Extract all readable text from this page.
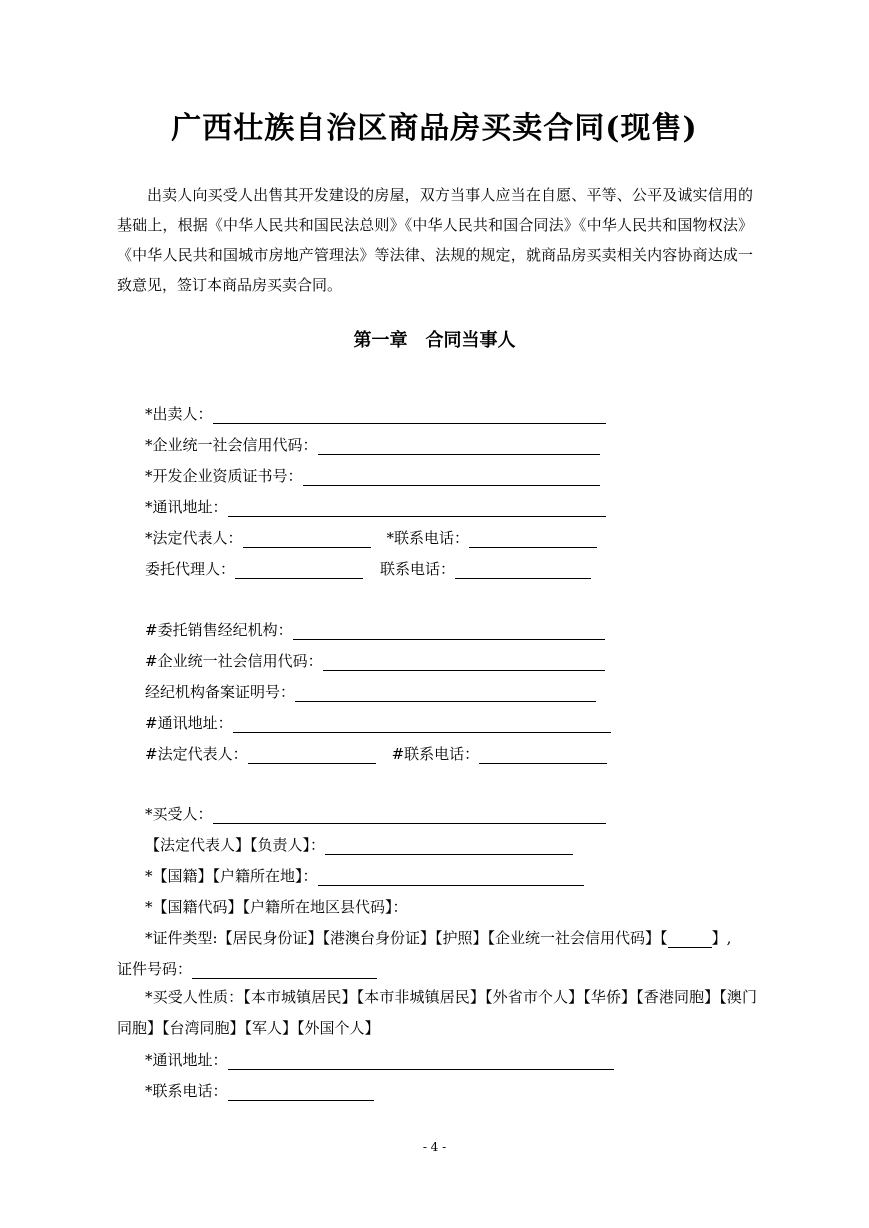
广西壮族自治区商品房买卖合同(现售)

出卖人向买受人出售其开发建设的房屋，双方当事人应当在自愿、平等、公平及诚实信用的基础上，根据《中华人民共和国民法总则》《中华人民共和国合同法》《中华人民共和国物权法》《中华人民共和国城市房地产管理法》等法律、法规的规定，就商品房买卖相关内容协商达成一致意见，签订本商品房买卖合同。

第一章　合同当事人
*出卖人：
*企业统一社会信用代码：
*开发企业资质证书号：
*通讯地址：
*法定代表人：	*联系电话：
委托代理人：	联系电话：
#委托销售经纪机构：
#企业统一社会信用代码：
经纪机构备案证明号：
#通讯地址：
#法定代表人：	#联系电话：
*买受人：
【法定代表人】【负责人】：
*【国籍】【户籍所在地】：
*【国籍代码】【户籍所在地区县代码】：
*证件类型:【居民身份证】【港澳台身份证】【护照】【企业统一社会信用代码】【	】,
证件号码：
*买受人性质：【本市城镇居民】【本市非城镇居民】【外省市个人】【华侨】【香港同胞】【澳门同胞】【台湾同胞】【军人】【外国个人】
*通讯地址：
*联系电话：
- 4 -
